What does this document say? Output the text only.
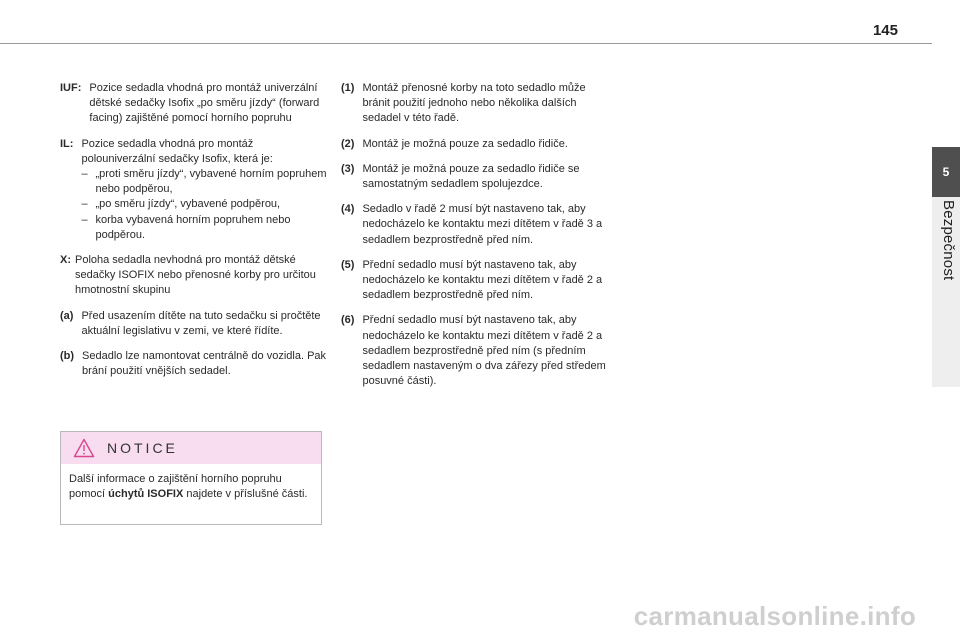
145
5
Bezpečnost
IUF: Pozice sedadla vhodná pro montáž univerzální dětské sedačky Isofix „po směru jízdy“ (forward facing) zajištěné pomocí horního popruhu
IL: Pozice sedadla vhodná pro montáž polouniverzální sedačky Isofix, která je:
– „proti směru jízdy“, vybavené horním popruhem nebo podpěrou,
– „po směru jízdy“, vybavené podpěrou,
– korba vybavená horním popruhem nebo podpěrou.
X: Poloha sedadla nevhodná pro montáž dětské sedačky ISOFIX nebo přenosné korby pro určitou hmotnostní skupinu
(a) Před usazením dítěte na tuto sedačku si pročtěte aktuální legislativu v zemi, ve které řídíte.
(b) Sedadlo lze namontovat centrálně do vozidla. Pak brání použití vnějších sedadel.
NOTICE
Další informace o zajištění horního popruhu pomocí úchytů ISOFIX najdete v příslušné části.
(1) Montáž přenosné korby na toto sedadlo může bránit použití jednoho nebo několika dalších sedadel v této řadě.
(2) Montáž je možná pouze za sedadlo řidiče.
(3) Montáž je možná pouze za sedadlo řidiče se samostatným sedadlem spolujezdce.
(4) Sedadlo v řadě 2 musí být nastaveno tak, aby nedocházelo ke kontaktu mezi dítětem v řadě 3 a sedadlem bezprostředně před ním.
(5) Přední sedadlo musí být nastaveno tak, aby nedocházelo ke kontaktu mezi dítětem v řadě 2 a sedadlem bezprostředně před ním.
(6) Přední sedadlo musí být nastaveno tak, aby nedocházelo ke kontaktu mezi dítětem v řadě 2 a sedadlem bezprostředně před ním (s předním sedadlem nastaveným o dva zářezy před středem posuvné části).
carmanualsonline.info
